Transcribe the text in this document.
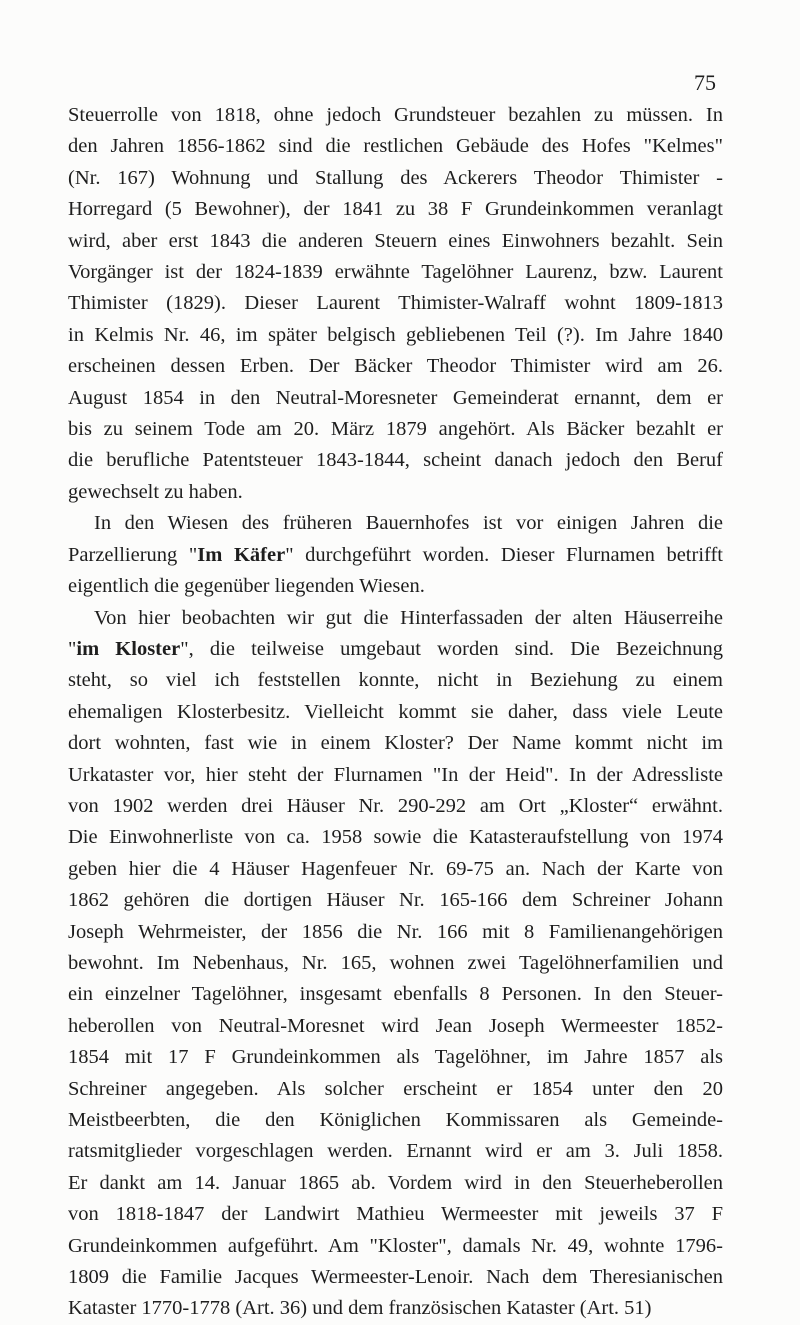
75

Steuerrolle von 1818, ohne jedoch Grundsteuer bezahlen zu müssen. In
den Jahren 1856-1862 sind die restlichen Gebäude des Hofes "Kelmes"
(Nr. 167) Wohnung und Stallung des Ackerers Theodor Thimister -
Horregard (5 Bewohner), der 1841 zu 38 F Grundeinkommen veranlagt
wird, aber erst 1843 die anderen Steuern eines Einwohners bezahlt. Sein
Vorgänger ist der 1824-1839 erwähnte Tagelöhner Laurenz, bzw. Laurent
Thimister (1829). Dieser Laurent Thimister-Walraff wohnt 1809-1813
in Kelmis Nr. 46, im später belgisch gebliebenen Teil (?). Im Jahre 1840
erscheinen dessen Erben. Der Bäcker Theodor Thimister wird am 26.
August 1854 in den Neutral-Moresneter Gemeinderat ernannt, dem er
bis zu seinem Tode am 20. März 1879 angehört. Als Bäcker bezahlt er
die berufliche Patentsteuer 1843-1844, scheint danach jedoch den Beruf
gewechselt zu haben.

In den Wiesen des früheren Bauernhofes ist vor einigen Jahren die
Parzellierung "Im Käfer" durchgeführt worden. Dieser Flurnamen betrifft
eigentlich die gegenüber liegenden Wiesen.

Von hier beobachten wir gut die Hinterfassaden der alten Häuserreihe
"im Kloster", die teilweise umgebaut worden sind. Die Bezeichnung
steht, so viel ich feststellen konnte, nicht in Beziehung zu einem
ehemaligen Klosterbesitz. Vielleicht kommt sie daher, dass viele Leute
dort wohnten, fast wie in einem Kloster? Der Name kommt nicht im
Urkataster vor, hier steht der Flurnamen "In der Heid". In der Adressliste
von 1902 werden drei Häuser Nr. 290-292 am Ort „Kloster“ erwähnt.
Die Einwohnerliste von ca. 1958 sowie die Katasteraufstellung von 1974
geben hier die 4 Häuser Hagenfeuer Nr. 69-75 an. Nach der Karte von
1862 gehören die dortigen Häuser Nr. 165-166 dem Schreiner Johann
Joseph Wehrmeister, der 1856 die Nr. 166 mit 8 Familienangehörigen
bewohnt. Im Nebenhaus, Nr. 165, wohnen zwei Tagelöhnerfamilien und
ein einzelner Tagelöhner, insgesamt ebenfalls 8 Personen. In den Steuer-
heberollen von Neutral-Moresnet wird Jean Joseph Wermeester 1852-
1854 mit 17 F Grundeinkommen als Tagelöhner, im Jahre 1857 als
Schreiner angegeben. Als solcher erscheint er 1854 unter den 20
Meistbeerbten, die den Königlichen Kommissaren als Gemeinde-
ratsmitglieder vorgeschlagen werden. Ernannt wird er am 3. Juli 1858.
Er dankt am 14. Januar 1865 ab. Vordem wird in den Steuerheberollen
von 1818-1847 der Landwirt Mathieu Wermeester mit jeweils 37 F
Grundeinkommen aufgeführt. Am "Kloster", damals Nr. 49, wohnte 1796-
1809 die Familie Jacques Wermeester-Lenoir. Nach dem Theresianischen
Kataster 1770-1778 (Art. 36) und dem französischen Kataster (Art. 51)
